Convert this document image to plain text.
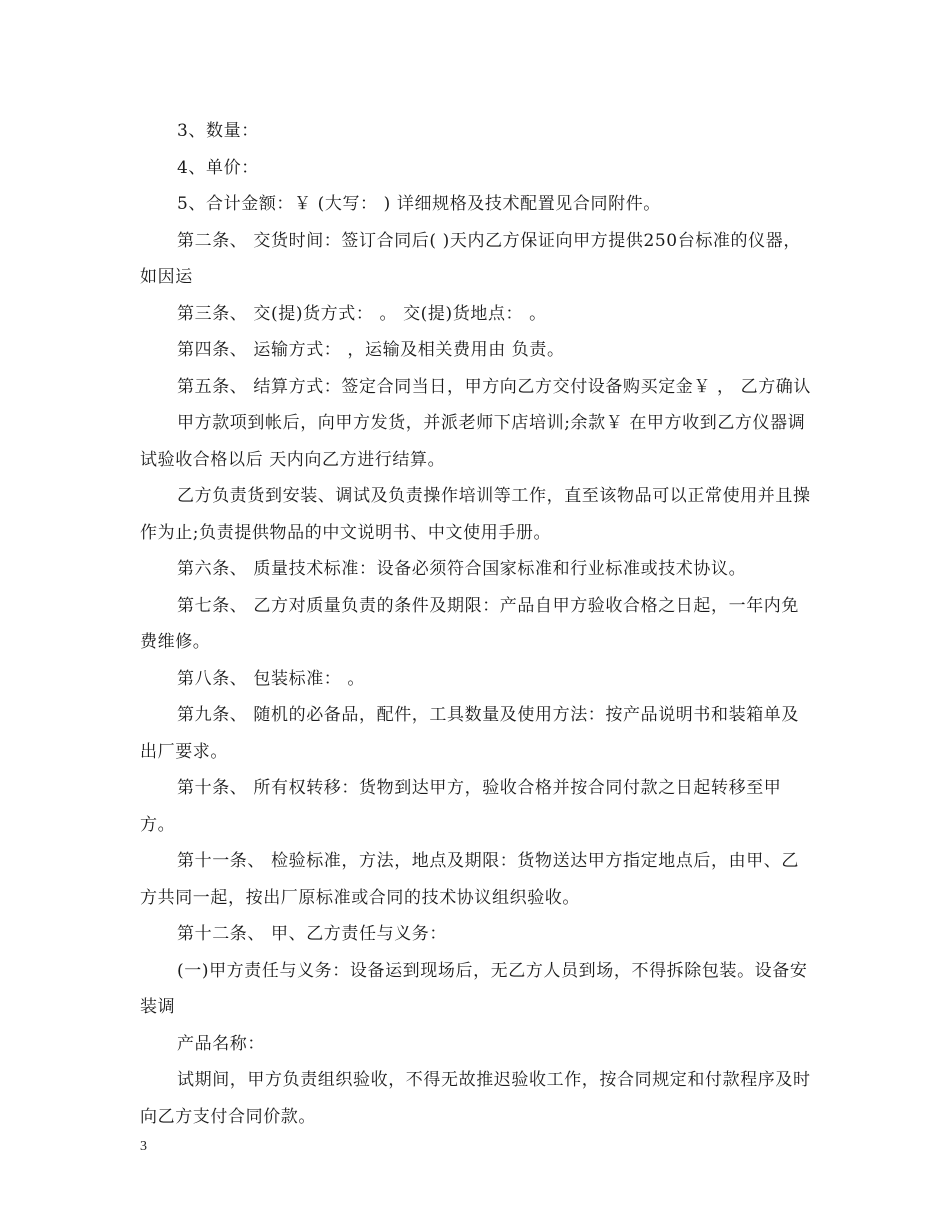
3、数量：

4、单价：

5、合计金额：￥ (大写： ) 详细规格及技术配置见合同附件。

第二条、 交货时间：签订合同后( )天内乙方保证向甲方提供250台标准的仪器，如因运

第三条、 交(提)货方式： 。 交(提)货地点： 。

第四条、 运输方式： ，运输及相关费用由 负责。

第五条、 结算方式：签定合同当日，甲方向乙方交付设备购买定金￥ ， 乙方确认

甲方款项到帐后，向甲方发货，并派老师下店培训;余款￥ 在甲方收到乙方仪器调试验收合格以后 天内向乙方进行结算。

乙方负责货到安装、调试及负责操作培训等工作，直至该物品可以正常使用并且操作为止;负责提供物品的中文说明书、中文使用手册。

第六条、 质量技术标准：设备必须符合国家标准和行业标准或技术协议。

第七条、 乙方对质量负责的条件及期限：产品自甲方验收合格之日起，一年内免费维修。

第八条、 包装标准： 。

第九条、 随机的必备品，配件，工具数量及使用方法：按产品说明书和装箱单及出厂要求。

第十条、 所有权转移：货物到达甲方，验收合格并按合同付款之日起转移至甲方。

第十一条、 检验标准，方法，地点及期限：货物送达甲方指定地点后，由甲、乙方共同一起，按出厂原标准或合同的技术协议组织验收。

第十二条、 甲、乙方责任与义务：

(一)甲方责任与义务：设备运到现场后，无乙方人员到场，不得拆除包装。设备安装调

产品名称：

试期间，甲方负责组织验收，不得无故推迟验收工作，按合同规定和付款程序及时向乙方支付合同价款。

3
